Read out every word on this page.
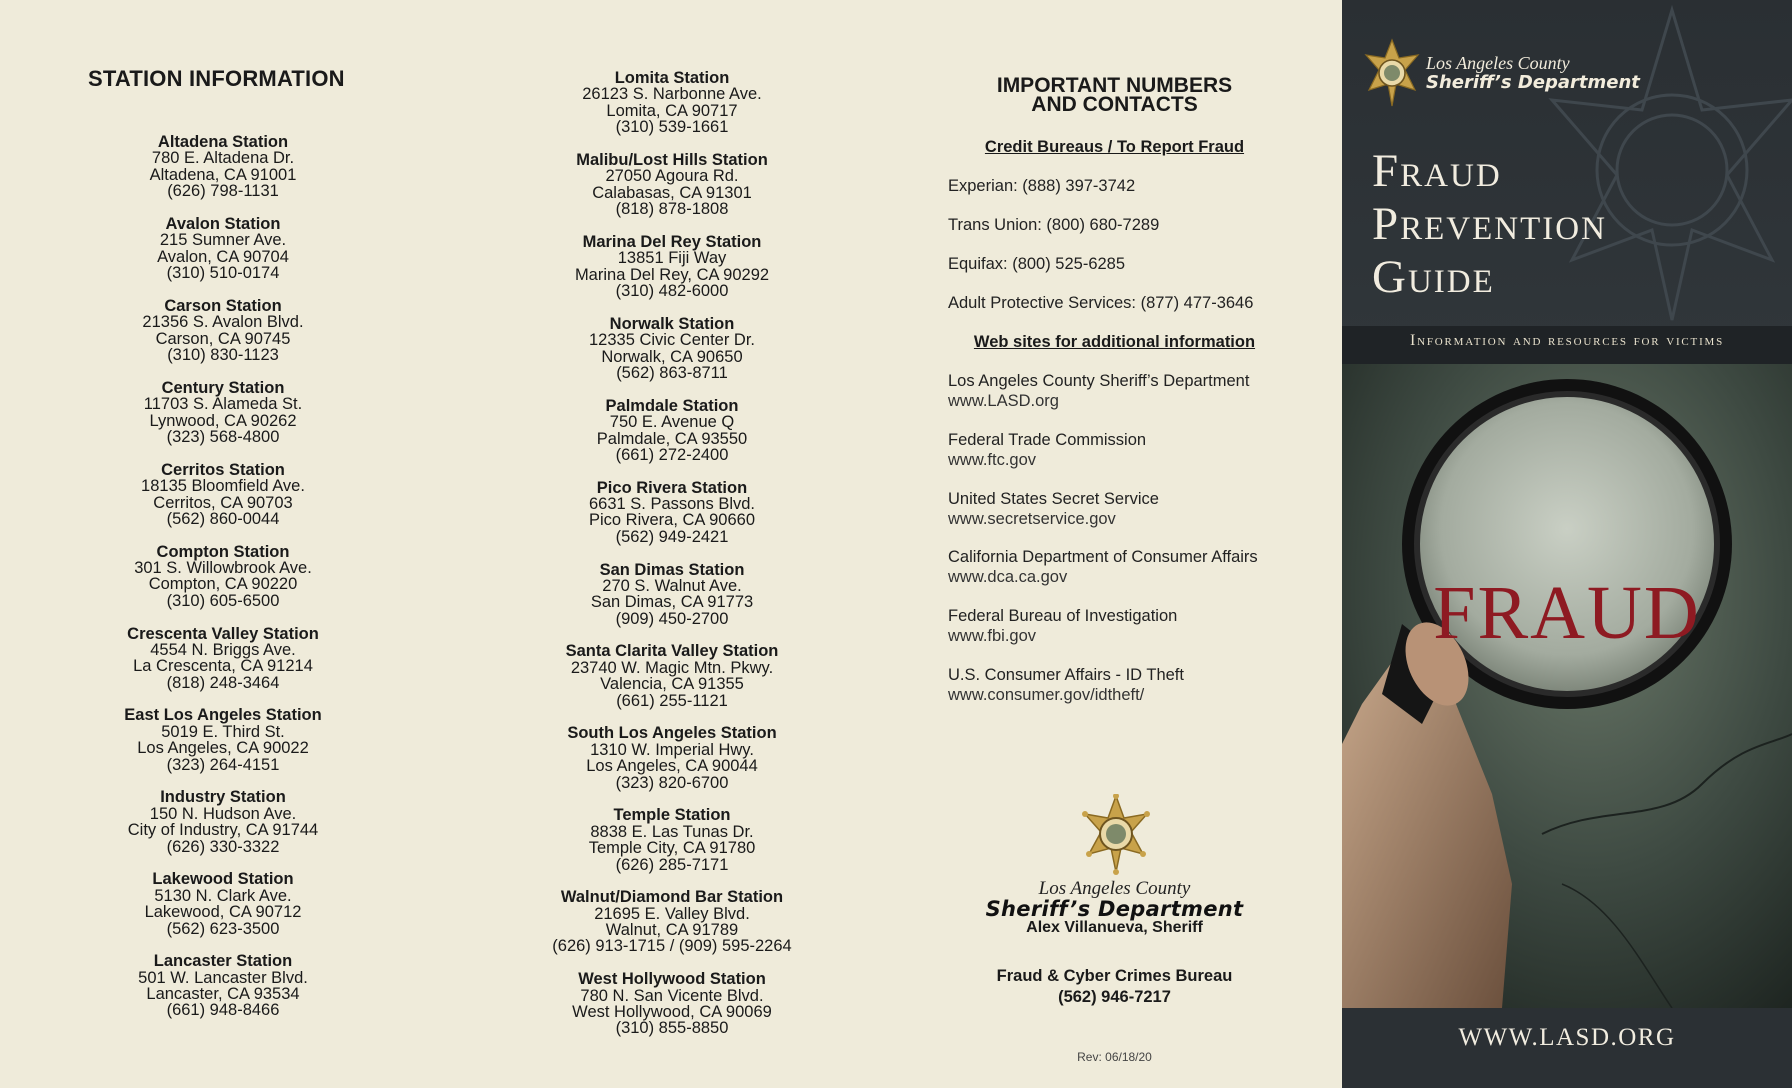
STATION INFORMATION
Altadena Station
780 E. Altadena Dr.
Altadena, CA 91001
(626) 798-1131
Avalon Station
215 Sumner Ave.
Avalon, CA 90704
(310) 510-0174
Carson Station
21356 S. Avalon Blvd.
Carson, CA 90745
(310) 830-1123
Century Station
11703 S. Alameda St.
Lynwood, CA 90262
(323) 568-4800
Cerritos Station
18135 Bloomfield Ave.
Cerritos, CA 90703
(562) 860-0044
Compton Station
301 S. Willowbrook Ave.
Compton, CA 90220
(310) 605-6500
Crescenta Valley Station
4554 N. Briggs Ave.
La Crescenta, CA 91214
(818) 248-3464
East Los Angeles Station
5019 E. Third St.
Los Angeles, CA 90022
(323) 264-4151
Industry Station
150 N. Hudson Ave.
City of Industry, CA 91744
(626) 330-3322
Lakewood Station
5130 N. Clark Ave.
Lakewood, CA 90712
(562) 623-3500
Lancaster Station
501 W. Lancaster Blvd.
Lancaster, CA 93534
(661) 948-8466
Lomita Station
26123 S. Narbonne Ave.
Lomita, CA 90717
(310) 539-1661
Malibu/Lost Hills Station
27050 Agoura Rd.
Calabasas, CA 91301
(818) 878-1808
Marina Del Rey Station
13851 Fiji Way
Marina Del Rey, CA 90292
(310) 482-6000
Norwalk Station
12335 Civic Center Dr.
Norwalk, CA 90650
(562) 863-8711
Palmdale Station
750 E. Avenue Q
Palmdale, CA 93550
(661) 272-2400
Pico Rivera Station
6631 S. Passons Blvd.
Pico Rivera, CA 90660
(562) 949-2421
San Dimas Station
270 S. Walnut Ave.
San Dimas, CA 91773
(909) 450-2700
Santa Clarita Valley Station
23740 W. Magic Mtn. Pkwy.
Valencia, CA 91355
(661) 255-1121
South Los Angeles Station
1310 W. Imperial Hwy.
Los Angeles, CA 90044
(323) 820-6700
Temple Station
8838 E. Las Tunas Dr.
Temple City, CA 91780
(626) 285-7171
Walnut/Diamond Bar Station
21695 E. Valley Blvd.
Walnut, CA 91789
(626) 913-1715 / (909) 595-2264
West Hollywood Station
780 N. San Vicente Blvd.
West Hollywood, CA 90069
(310) 855-8850
IMPORTANT NUMBERS
AND CONTACTS
Credit Bureaus / To Report Fraud
Experian: (888) 397-3742
Trans Union: (800) 680-7289
Equifax: (800) 525-6285
Adult Protective Services: (877) 477-3646
Web sites for additional information
Los Angeles County Sheriff’s Department
www.LASD.org
Federal Trade Commission
www.ftc.gov
United States Secret Service
www.secretservice.gov
California Department of Consumer Affairs
www.dca.ca.gov
Federal Bureau of Investigation
www.fbi.gov
U.S. Consumer Affairs - ID Theft
www.consumer.gov/idtheft/
Los Angeles County
Sheriff’s Department
Alex Villanueva, Sheriff
Fraud & Cyber Crimes Bureau
(562) 946-7217
Rev: 06/18/20
Los Angeles County
Sheriff’s Department
Fraud
Prevention
Guide
Information and resources for victims
FRAUD
WWW.LASD.ORG
